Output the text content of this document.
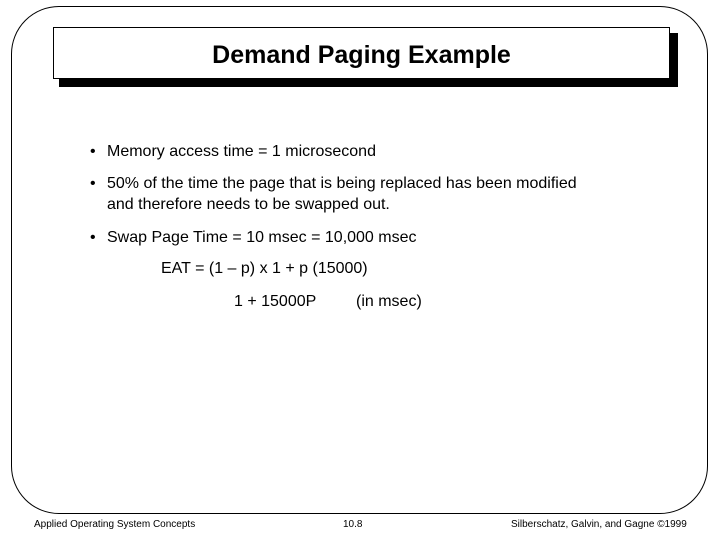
Demand Paging Example
• Memory access time = 1 microsecond
• 50% of the time the page that is being replaced has been modified and therefore needs to be swapped out.
• Swap Page Time = 10 msec = 10,000 msec
EAT = (1 – p) x 1 + p (15000)
1 + 15000P (in msec)
Applied Operating System Concepts	10.8	Silberschatz, Galvin, and Gagne ©1999
